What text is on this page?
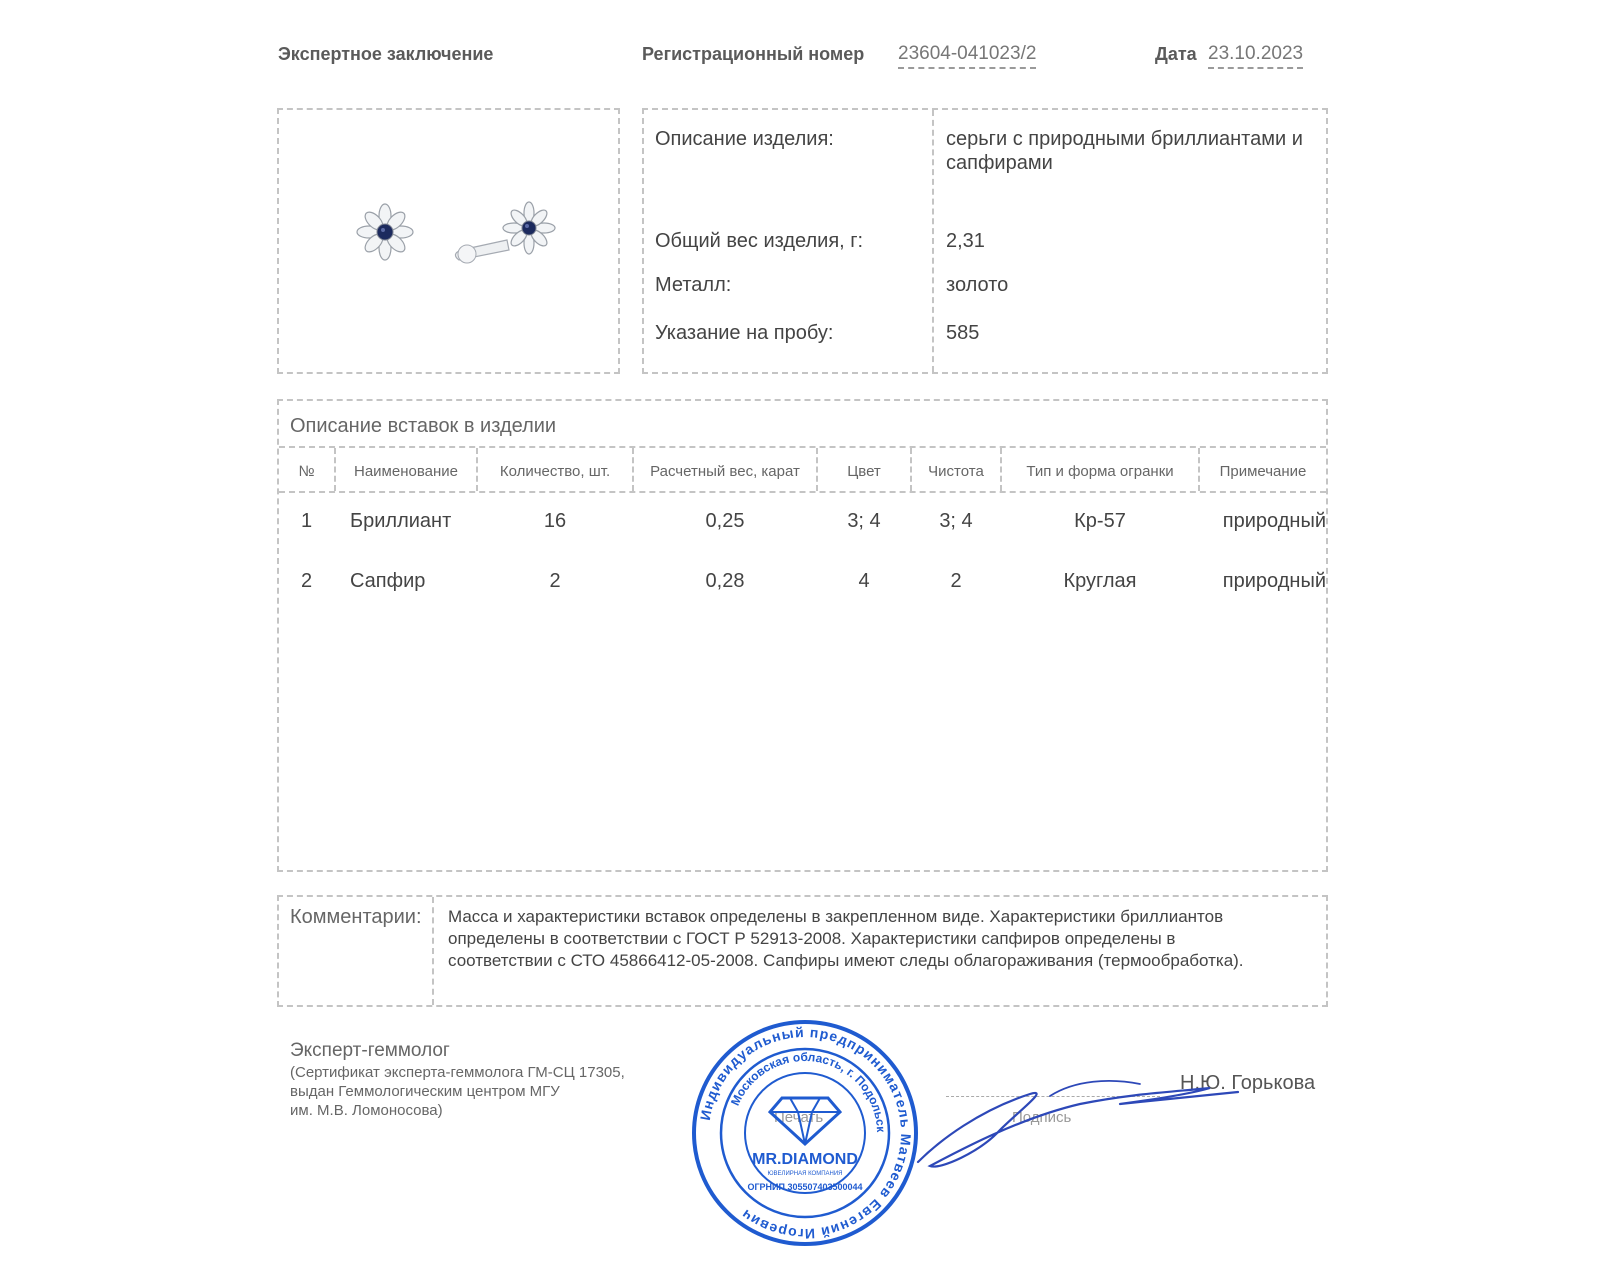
Экспертное заключение	Регистрационный номер 23604-041023/2	Дата 23.10.2023
Описание изделия:	серьги с природными бриллиантами и
сапфирами
Общий вес изделия, г:	2,31
Металл:	золото
Указание на пробу:	585
Описание вставок в изделии
№	Наименование	Количество, шт.	Расчетный вес, карат	Цвет	Чистота	Тип и форма огранки	Примечание
1	Бриллиант	16	0,25	3; 4	3; 4	Кр-57	природный
2	Сапфир	2	0,28	4	2	Круглая	природный
Комментарии: Масса и характеристики вставок определены в закрепленном виде. Характеристики бриллиантов
определены в соответствии с ГОСТ Р 52913-2008. Характеристики сапфиров определены в
соответствии с СТО 45866412-05-2008. Сапфиры имеют следы облагораживания (термообработка).
Эксперт-геммолог
(Сертификат эксперта-геммолога ГМ-СЦ 17305,
выдан Геммологическим центром МГУ
им. М.В. Ломоносова)	Печать	Подпись
Н.Ю. Горькова
Индивидуальный предприниматель Матвеев Евгений Игоревич
Московская область, г. Подольск
MR.DIAMOND
ЮВЕЛИРНАЯ КОМПАНИЯ
ОГРНИП 305507403500044
